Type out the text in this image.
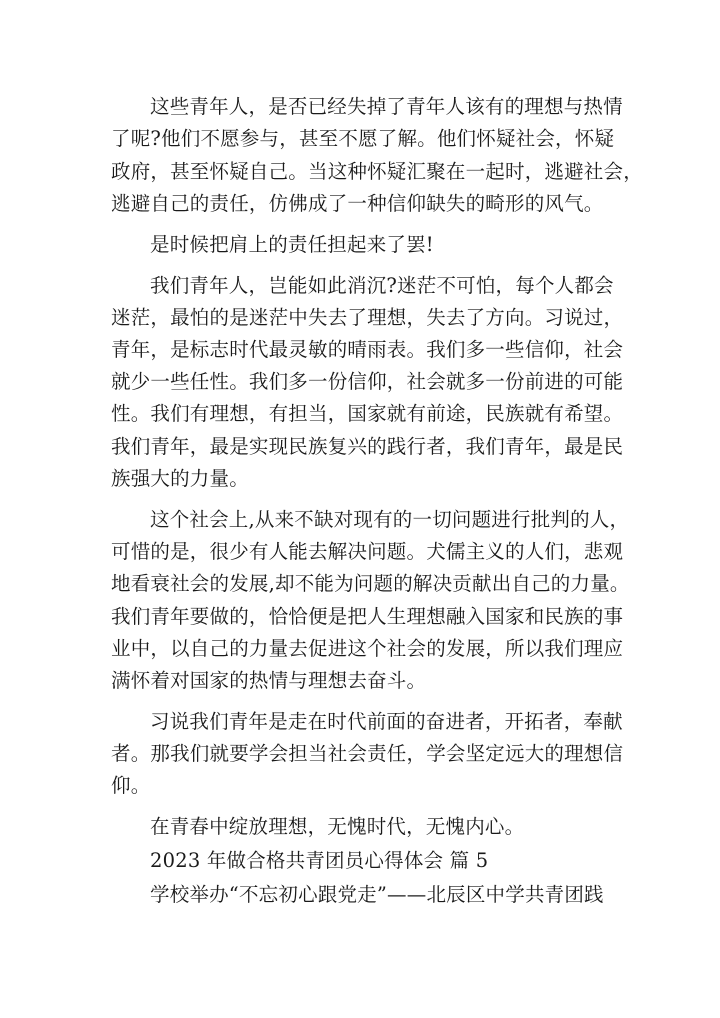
这些青年人，是否已经失掉了青年人该有的理想与热情
了呢?他们不愿参与，甚至不愿了解。他们怀疑社会，怀疑
政府，甚至怀疑自己。当这种怀疑汇聚在一起时，逃避社会，
逃避自己的责任，仿佛成了一种信仰缺失的畸形的风气。
是时候把肩上的责任担起来了罢!
我们青年人，岂能如此消沉?迷茫不可怕，每个人都会
迷茫，最怕的是迷茫中失去了理想，失去了方向。习说过，
青年，是标志时代最灵敏的晴雨表。我们多一些信仰，社会
就少一些任性。我们多一份信仰，社会就多一份前进的可能
性。我们有理想，有担当，国家就有前途，民族就有希望。
我们青年，最是实现民族复兴的践行者，我们青年，最是民
族强大的力量。
这个社会上,从来不缺对现有的一切问题进行批判的人，
可惜的是，很少有人能去解决问题。犬儒主义的人们，悲观
地看衰社会的发展,却不能为问题的解决贡献出自己的力量。
我们青年要做的，恰恰便是把人生理想融入国家和民族的事
业中，以自己的力量去促进这个社会的发展，所以我们理应
满怀着对国家的热情与理想去奋斗。
习说我们青年是走在时代前面的奋进者，开拓者，奉献
者。那我们就要学会担当社会责任，学会坚定远大的理想信
仰。
在青春中绽放理想，无愧时代，无愧内心。
2023 年做合格共青团员心得体会 篇 5
学校举办“不忘初心跟党走”——北辰区中学共青团践
